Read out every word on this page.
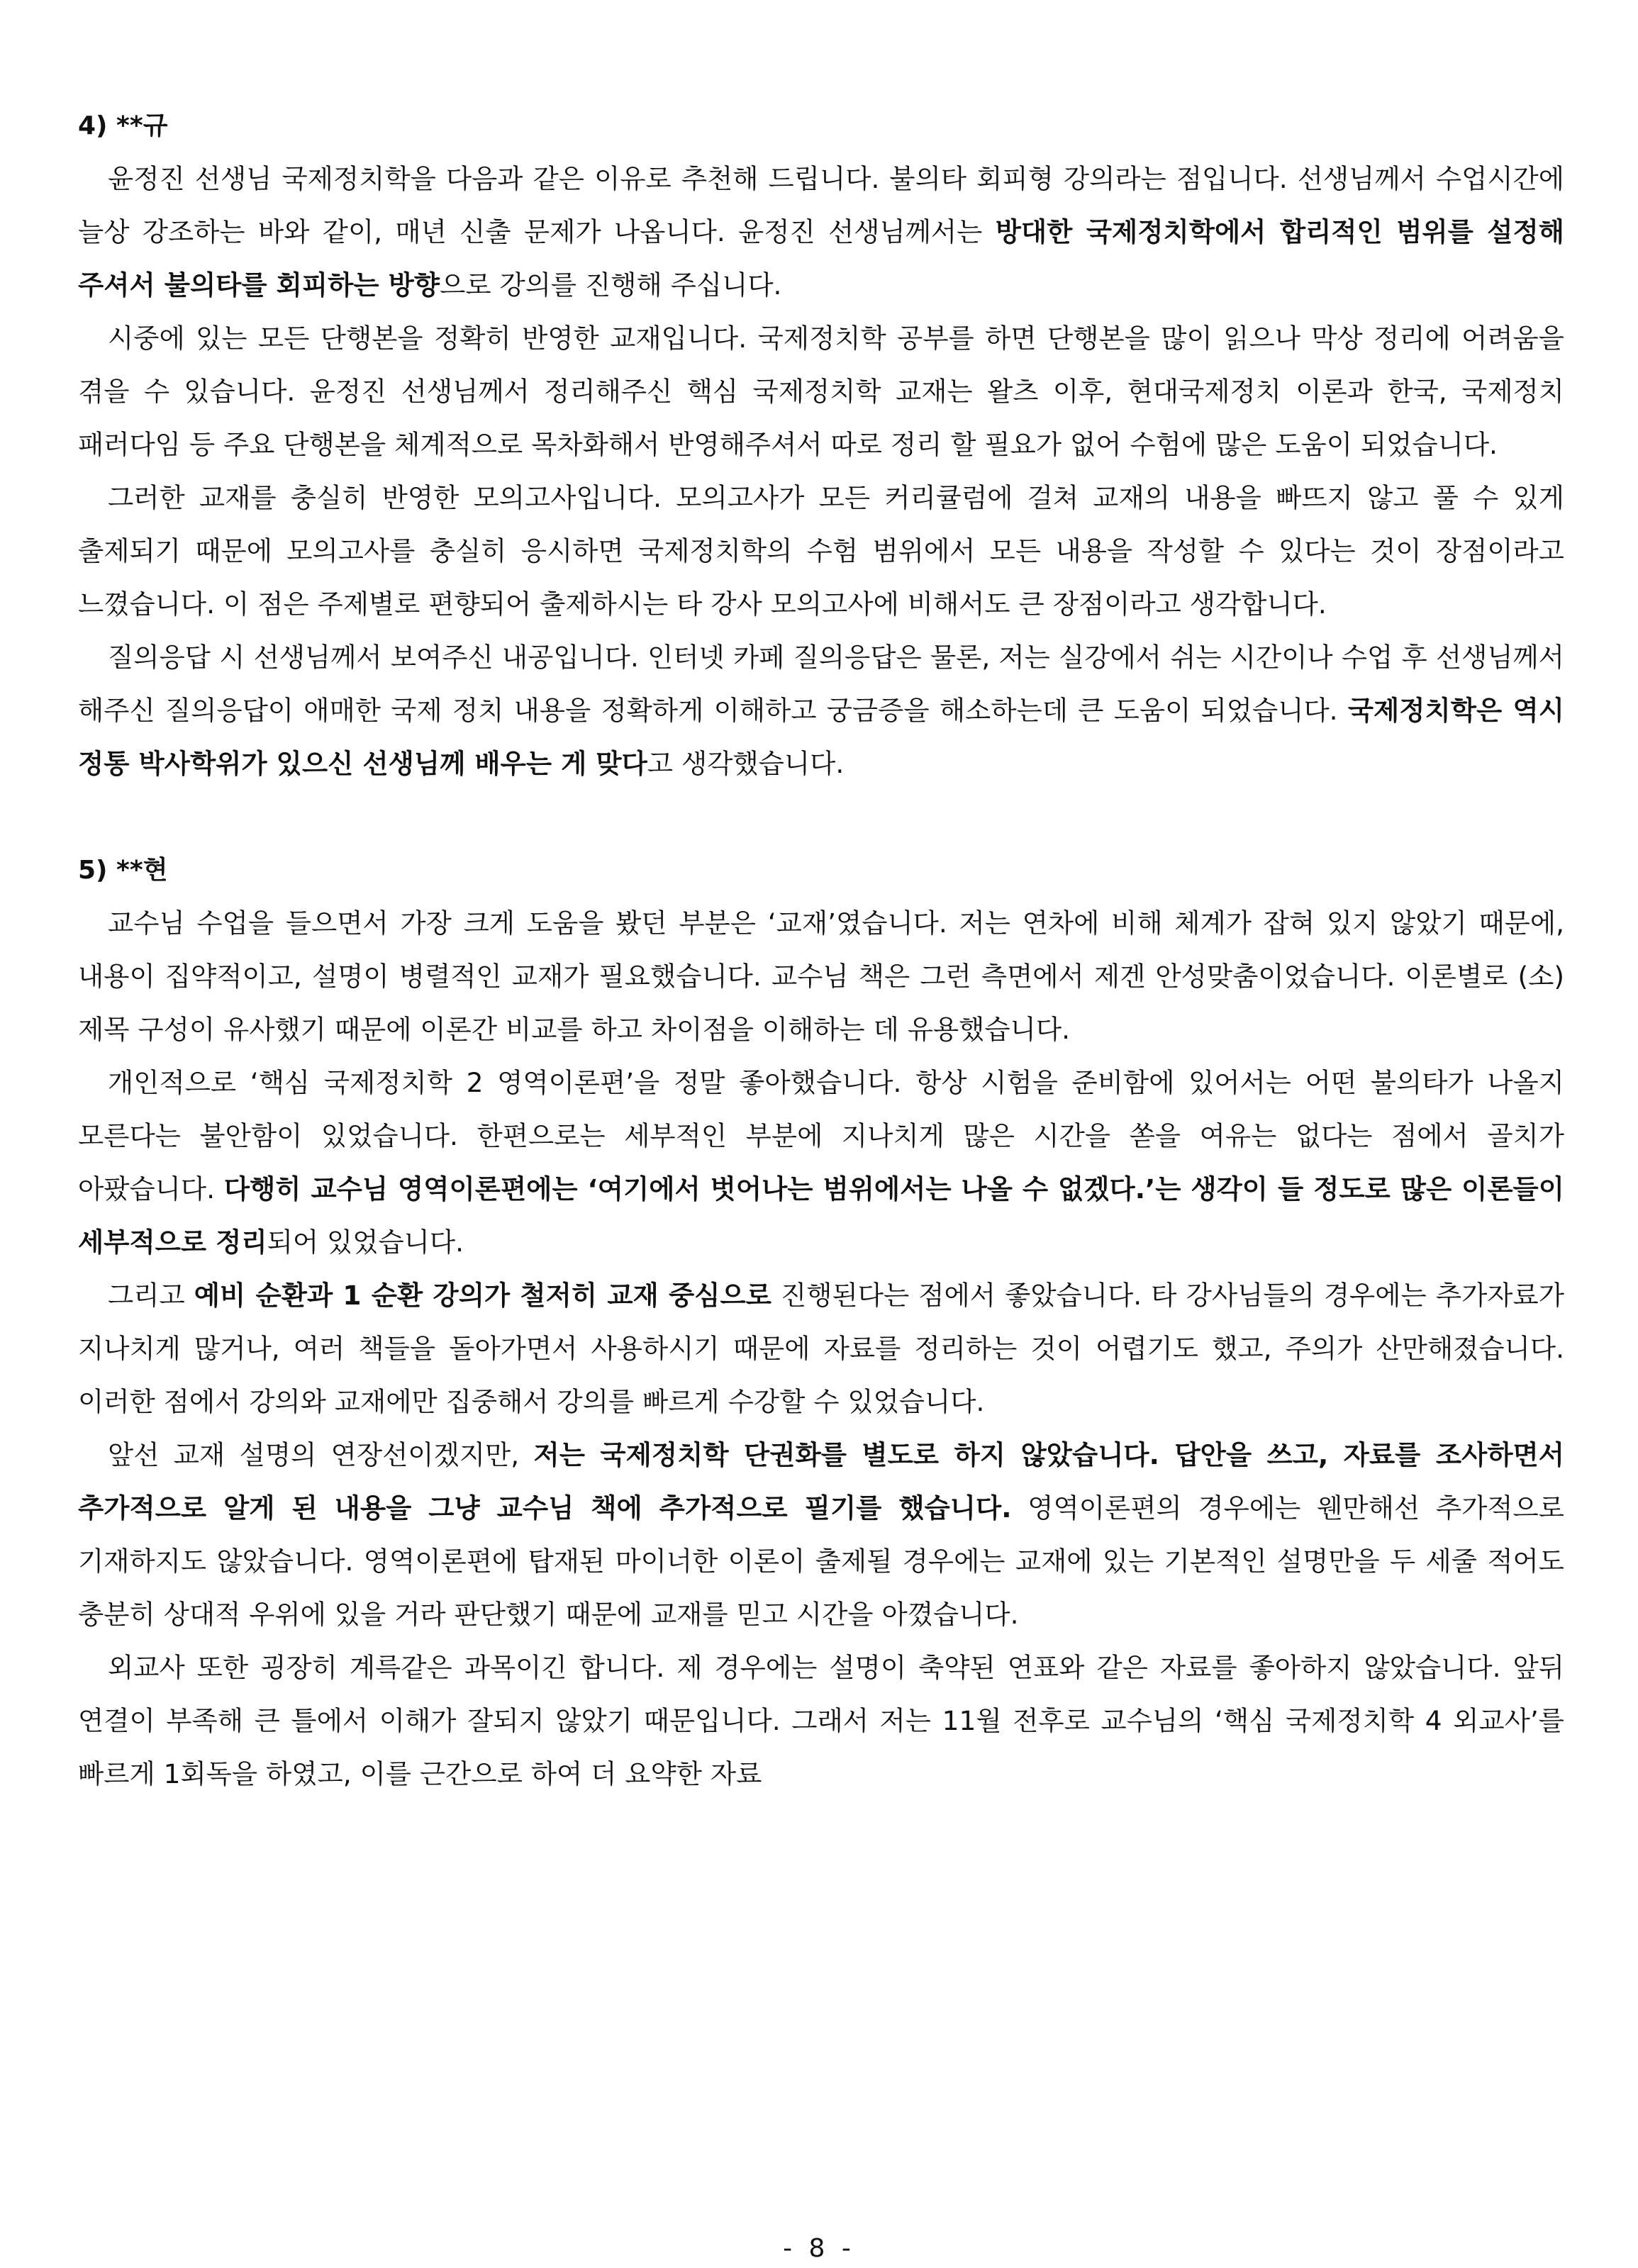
4) **규

윤정진 선생님 국제정치학을 다음과 같은 이유로 추천해 드립니다. 불의타 회피형 강의라는 점입니다. 선생님께서 수업시간에 늘상 강조하는 바와 같이, 매년 신출 문제가 나옵니다. 윤정진 선생님께서는 방대한 국제정치학에서 합리적인 범위를 설정해 주셔서 불의타를 회피하는 방향으로 강의를 진행해 주십니다.

시중에 있는 모든 단행본을 정확히 반영한 교재입니다. 국제정치학 공부를 하면 단행본을 많이 읽으나 막상 정리에 어려움을 겪을 수 있습니다. 윤정진 선생님께서 정리해주신 핵심 국제정치학 교재는 왈츠 이후, 현대국제정치 이론과 한국, 국제정치 패러다임 등 주요 단행본을 체계적으로 목차화해서 반영해주셔서 따로 정리 할 필요가 없어 수험에 많은 도움이 되었습니다.

그러한 교재를 충실히 반영한 모의고사입니다. 모의고사가 모든 커리큘럼에 걸쳐 교재의 내용을 빠뜨지 않고 풀 수 있게 출제되기 때문에 모의고사를 충실히 응시하면 국제정치학의 수험 범위에서 모든 내용을 작성할 수 있다는 것이 장점이라고 느꼈습니다. 이 점은 주제별로 편향되어 출제하시는 타 강사 모의고사에 비해서도 큰 장점이라고 생각합니다.

질의응답 시 선생님께서 보여주신 내공입니다. 인터넷 카페 질의응답은 물론, 저는 실강에서 쉬는 시간이나 수업 후 선생님께서 해주신 질의응답이 애매한 국제 정치 내용을 정확하게 이해하고 궁금증을 해소하는데 큰 도움이 되었습니다. 국제정치학은 역시 정통 박사학위가 있으신 선생님께 배우는 게 맞다고 생각했습니다.

5) **현

교수님 수업을 들으면서 가장 크게 도움을 봤던 부분은 ‘교재’였습니다. 저는 연차에 비해 체계가 잡혀 있지 않았기 때문에, 내용이 집약적이고, 설명이 병렬적인 교재가 필요했습니다. 교수님 책은 그런 측면에서 제겐 안성맞춤이었습니다. 이론별로 (소)제목 구성이 유사했기 때문에 이론간 비교를 하고 차이점을 이해하는 데 유용했습니다.

개인적으로 ‘핵심 국제정치학 2 영역이론편’을 정말 좋아했습니다. 항상 시험을 준비함에 있어서는 어떤 불의타가 나올지 모른다는 불안함이 있었습니다. 한편으로는 세부적인 부분에 지나치게 많은 시간을 쏟을 여유는 없다는 점에서 골치가 아팠습니다. 다행히 교수님 영역이론편에는 ‘여기에서 벗어나는 범위에서는 나올 수 없겠다.’는 생각이 들 정도로 많은 이론들이 세부적으로 정리되어 있었습니다.

그리고 예비 순환과 1 순환 강의가 철저히 교재 중심으로 진행된다는 점에서 좋았습니다. 타 강사님들의 경우에는 추가자료가 지나치게 많거나, 여러 책들을 돌아가면서 사용하시기 때문에 자료를 정리하는 것이 어렵기도 했고, 주의가 산만해졌습니다. 이러한 점에서 강의와 교재에만 집중해서 강의를 빠르게 수강할 수 있었습니다.

앞선 교재 설명의 연장선이겠지만, 저는 국제정치학 단권화를 별도로 하지 않았습니다. 답안을 쓰고, 자료를 조사하면서 추가적으로 알게 된 내용을 그냥 교수님 책에 추가적으로 필기를 했습니다. 영역이론편의 경우에는 웬만해선 추가적으로 기재하지도 않았습니다. 영역이론편에 탑재된 마이너한 이론이 출제될 경우에는 교재에 있는 기본적인 설명만을 두 세줄 적어도 충분히 상대적 우위에 있을 거라 판단했기 때문에 교재를 믿고 시간을 아꼈습니다.

외교사 또한 굉장히 계륵같은 과목이긴 합니다. 제 경우에는 설명이 축약된 연표와 같은 자료를 좋아하지 않았습니다. 앞뒤 연결이 부족해 큰 틀에서 이해가 잘되지 않았기 때문입니다. 그래서 저는 11월 전후로 교수님의 ‘핵심 국제정치학 4 외교사’를 빠르게 1회독을 하였고, 이를 근간으로 하여 더 요약한 자료

- 8 -
